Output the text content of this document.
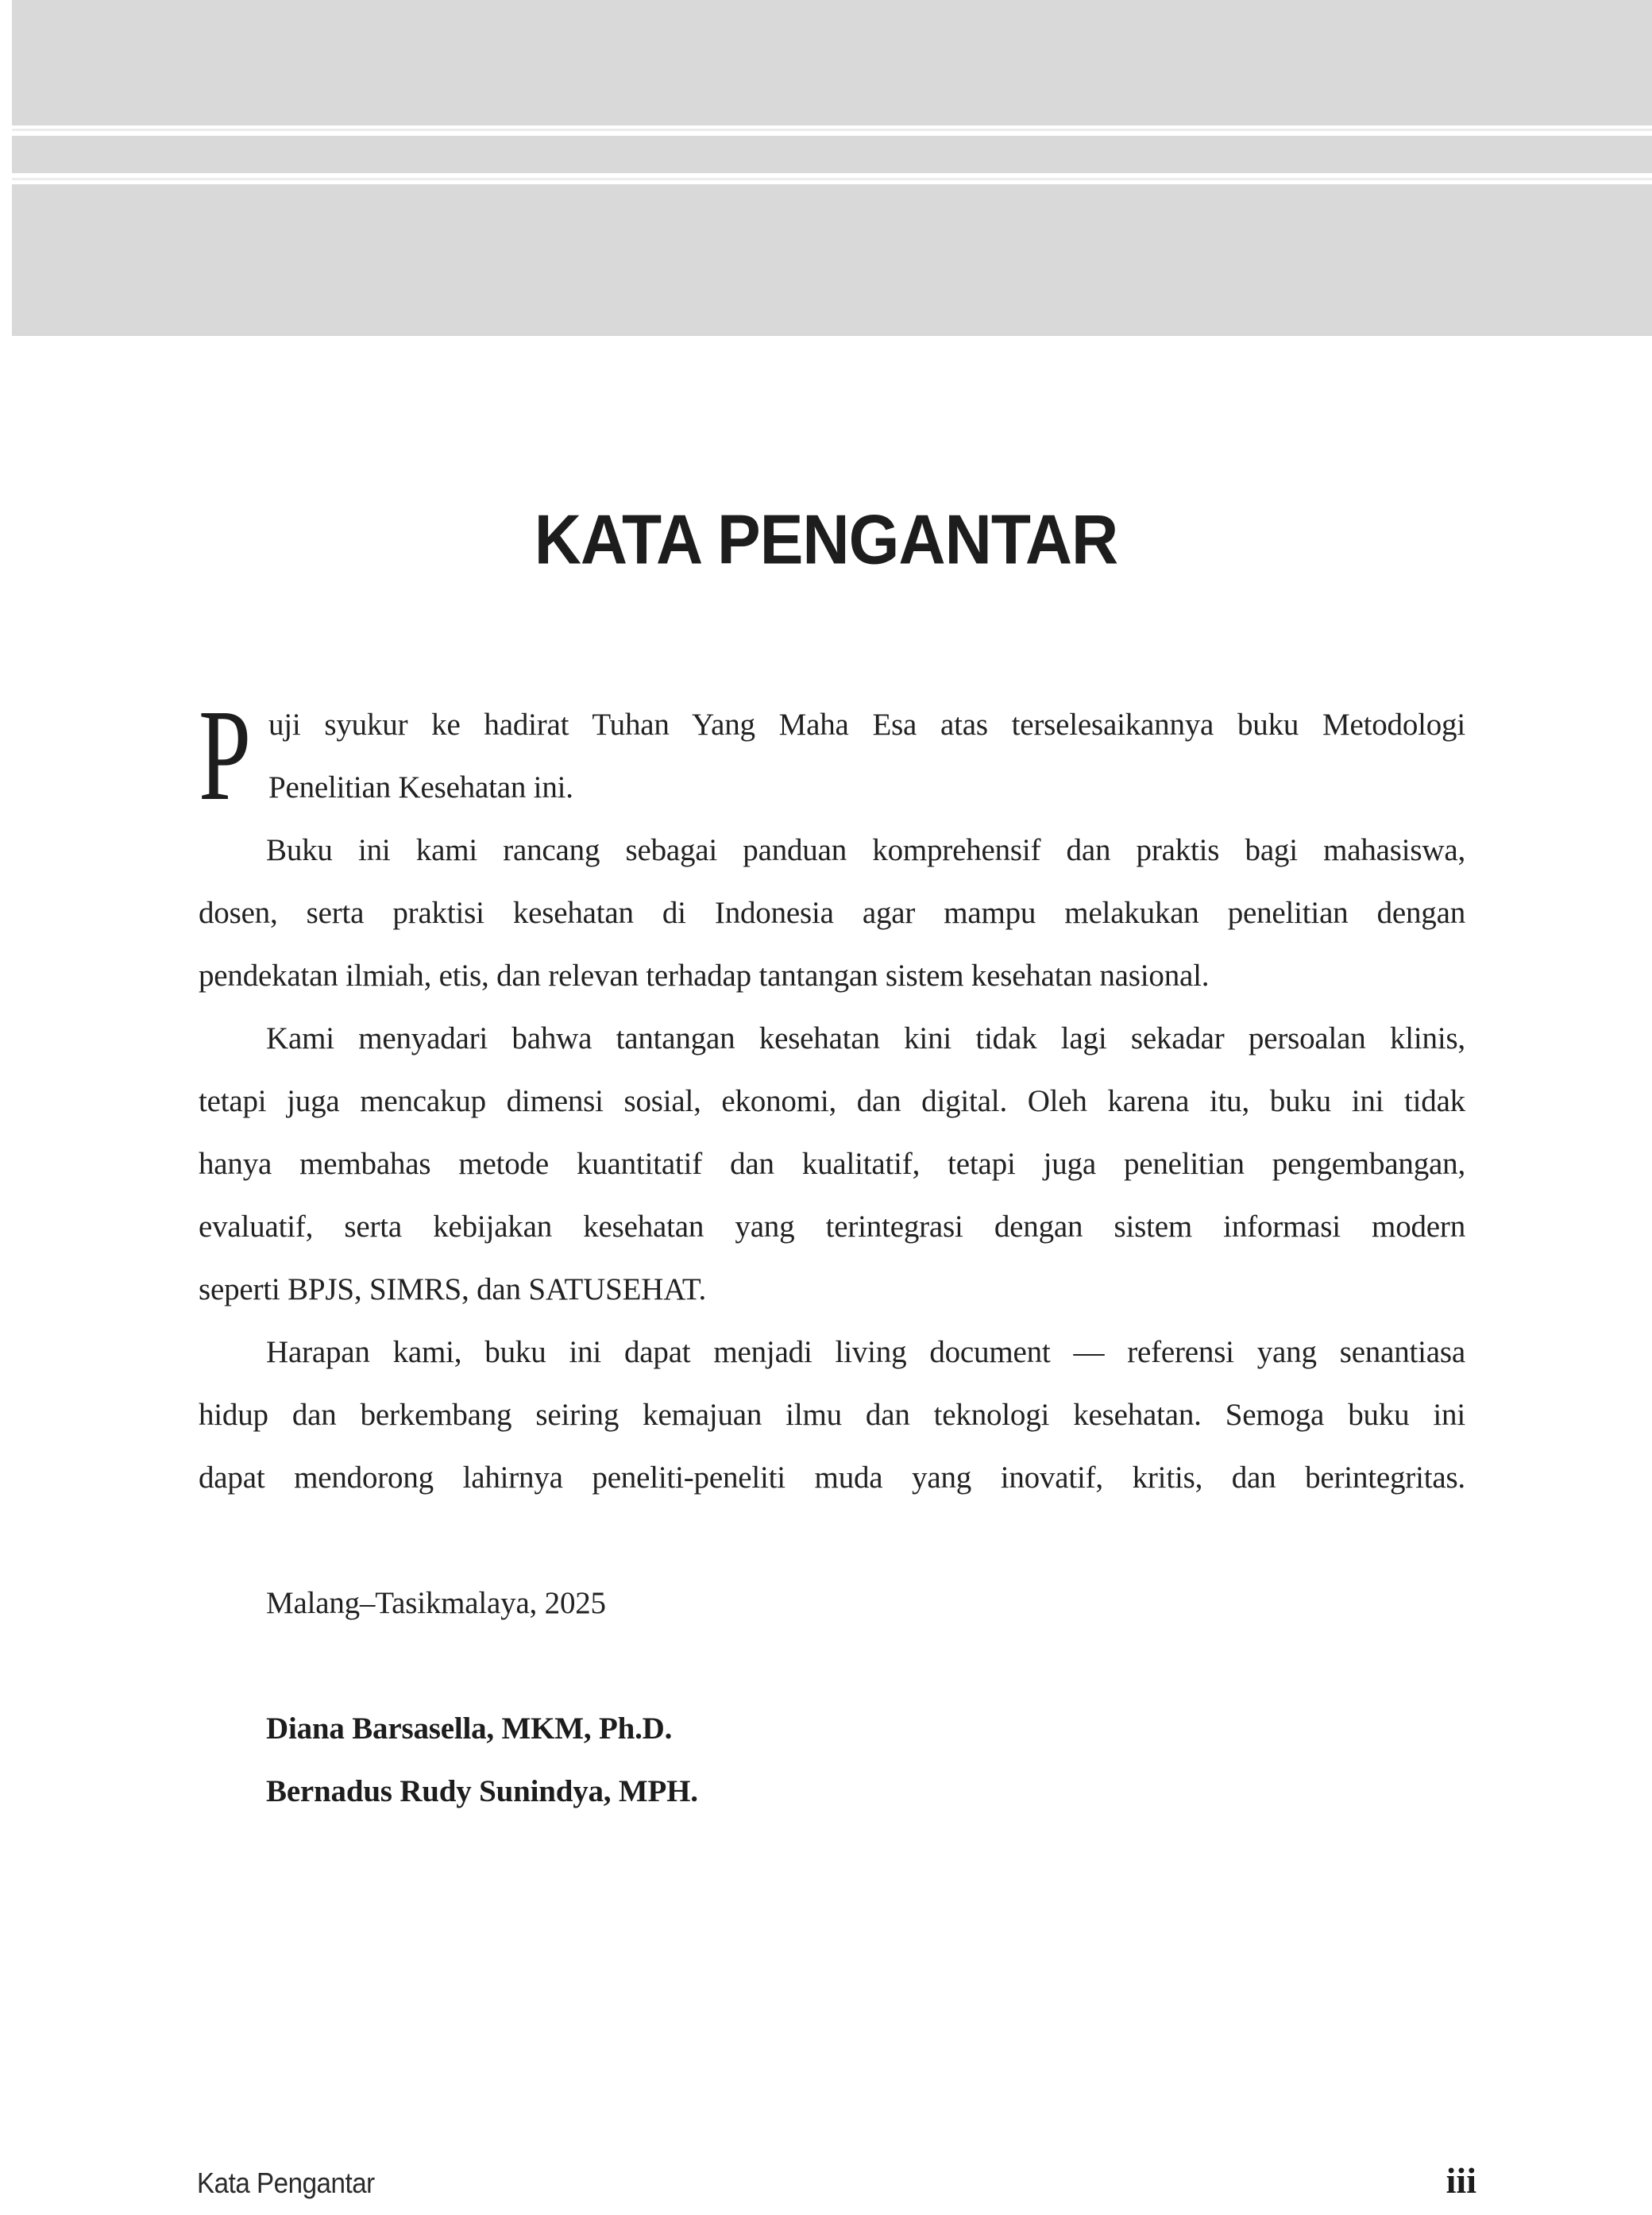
KATA PENGANTAR
P uji syukur ke hadirat Tuhan Yang Maha Esa atas terselesaikannya buku Metodologi
Penelitian Kesehatan ini.
Buku ini kami rancang sebagai panduan komprehensif dan praktis bagi mahasiswa,
dosen, serta praktisi kesehatan di Indonesia agar mampu melakukan penelitian dengan
pendekatan ilmiah, etis, dan relevan terhadap tantangan sistem kesehatan nasional.
Kami menyadari bahwa tantangan kesehatan kini tidak lagi sekadar persoalan klinis,
tetapi juga mencakup dimensi sosial, ekonomi, dan digital. Oleh karena itu, buku ini tidak
hanya membahas metode kuantitatif dan kualitatif, tetapi juga penelitian pengembangan,
evaluatif, serta kebijakan kesehatan yang terintegrasi dengan sistem informasi modern
seperti BPJS, SIMRS, dan SATUSEHAT.
Harapan kami, buku ini dapat menjadi living document — referensi yang senantiasa
hidup dan berkembang seiring kemajuan ilmu dan teknologi kesehatan. Semoga buku ini
dapat mendorong lahirnya peneliti-peneliti muda yang inovatif, kritis, dan berintegritas.
Malang–Tasikmalaya, 2025
Diana Barsasella, MKM, Ph.D.
Bernadus Rudy Sunindya, MPH.
Kata Pengantar	iii
